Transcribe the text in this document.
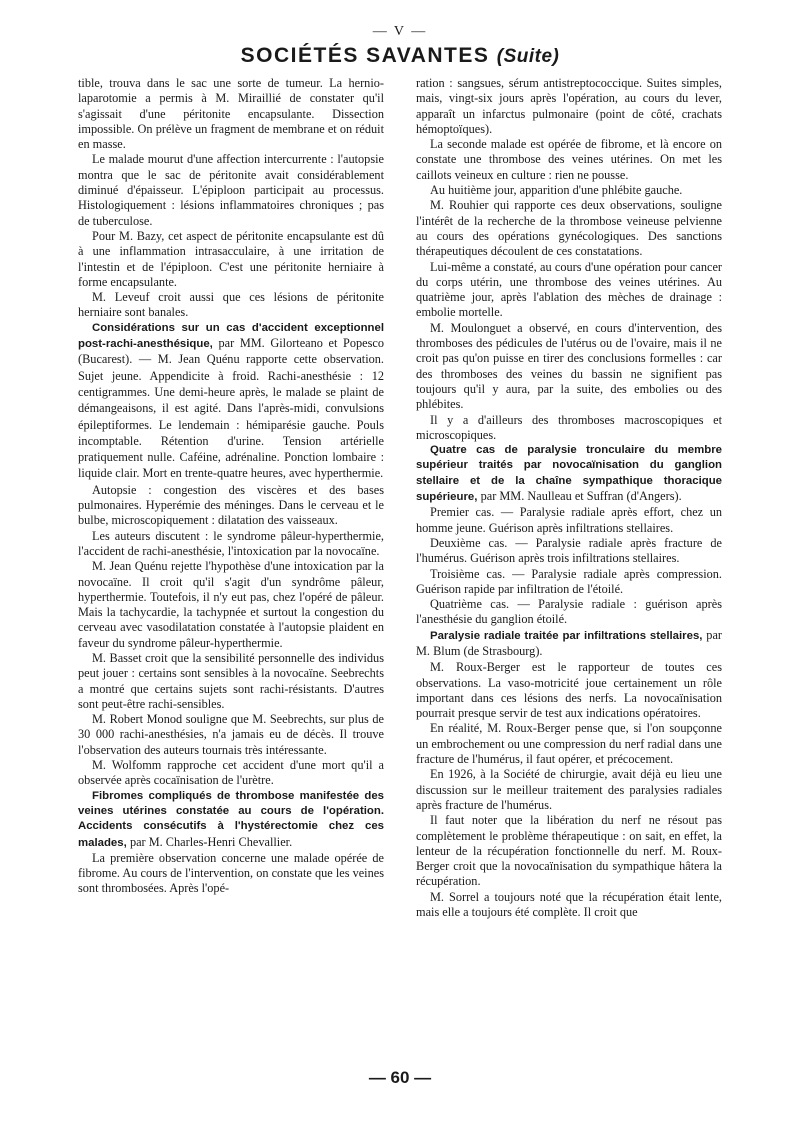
— V —
SOCIÉTÉS SAVANTES (Suite)

tible, trouva dans le sac une sorte de tumeur. La hernio-laparotomie a permis à M. Miraillié de constater qu'il s'agissait d'une péritonite encapsulante. Dissection impossible. On prélève un fragment de membrane et on réduit en masse.

Le malade mourut d'une affection intercurrente : l'autopsie montra que le sac de péritonite avait considérablement diminué d'épaisseur. L'épiploon participait au processus. Histologiquement : lésions inflammatoires chroniques ; pas de tuberculose.

Pour M. Bazy, cet aspect de péritonite encapsulante est dû à une inflammation intrasacculaire, à une irritation de l'intestin et de l'épiploon. C'est une péritonite herniaire à forme encapsulante.

M. Leveuf croit aussi que ces lésions de péritonite herniaire sont banales.

Considérations sur un cas d'accident exceptionnel post-rachi-anesthésique, par MM. Gilorteano et Popesco (Bucarest). — M. Jean Quénu rapporte cette observation. Sujet jeune. Appendicite à froid. Rachi-anesthésie : 12 centigrammes. Une demi-heure après, le malade se plaint de démangeaisons, il est agité. Dans l'après-midi, convulsions épileptiformes. Le lendemain : hémiparésie gauche. Pouls incomptable. Rétention d'urine. Tension artérielle pratiquement nulle. Caféine, adrénaline. Ponction lombaire : liquide clair. Mort en trente-quatre heures, avec hyperthermie.

Autopsie : congestion des viscères et des bases pulmonaires. Hyperémie des méninges. Dans le cerveau et le bulbe, microscopiquement : dilatation des vaisseaux.

Les auteurs discutent : le syndrome pâleur-hyperthermie, l'accident de rachi-anesthésie, l'intoxication par la novocaïne.

M. Jean Quénu rejette l'hypothèse d'une intoxication par la novocaïne. Il croit qu'il s'agit d'un syndrôme pâleur, hyperthermie. Toutefois, il n'y eut pas, chez l'opéré de pâleur. Mais la tachycardie, la tachypnée et surtout la congestion du cerveau avec vasodilatation constatée à l'autopsie plaident en faveur du syndrome pâleur-hyperthermie.

M. Basset croit que la sensibilité personnelle des individus peut jouer : certains sont sensibles à la novocaïne. Seebrechts a montré que certains sujets sont rachi-résistants. D'autres sont peut-être rachi-sensibles.

M. Robert Monod souligne que M. Seebrechts, sur plus de 30 000 rachi-anesthésies, n'a jamais eu de décès. Il trouve l'observation des auteurs tournais très intéressante.

M. Wolfomm rapproche cet accident d'une mort qu'il a observée après cocaïnisation de l'urètre.

Fibromes compliqués de thrombose manifestée des veines utérines constatée au cours de l'opération. Accidents consécutifs à l'hystérectomie chez ces malades, par M. Charles-Henri Chevallier.

La première observation concerne une malade opérée de fibrome. Au cours de l'intervention, on constate que les veines sont thrombosées. Après l'opé-

ration : sangsues, sérum antistreptococcique. Suites simples, mais, vingt-six jours après l'opération, au cours du lever, apparaît un infarctus pulmonaire (point de côté, crachats hémoptoïques).

La seconde malade est opérée de fibrome, et là encore on constate une thrombose des veines utérines. On met les caillots veineux en culture : rien ne pousse.

Au huitième jour, apparition d'une phlébite gauche.

M. Rouhier qui rapporte ces deux observations, souligne l'intérêt de la recherche de la thrombose veineuse pelvienne au cours des opérations gynécologiques. Des sanctions thérapeutiques découlent de ces constatations.

Lui-même a constaté, au cours d'une opération pour cancer du corps utérin, une thrombose des veines utérines. Au quatrième jour, après l'ablation des mèches de drainage : embolie mortelle.

M. Moulonguet a observé, en cours d'intervention, des thromboses des pédicules de l'utérus ou de l'ovaire, mais il ne croit pas qu'on puisse en tirer des conclusions formelles : car des thromboses des veines du bassin ne signifient pas toujours qu'il y aura, par la suite, des embolies ou des phlébites.

Il y a d'ailleurs des thromboses macroscopiques et microscopiques.

Quatre cas de paralysie tronculaire du membre supérieur traités par novocaïnisation du ganglion stellaire et de la chaîne sympathique thoracique supérieure, par MM. Naulleau et Suffran (d'Angers).

Premier cas. — Paralysie radiale après effort, chez un homme jeune. Guérison après infiltrations stellaires.

Deuxième cas. — Paralysie radiale après fracture de l'humérus. Guérison après trois infiltrations stellaires.

Troisième cas. — Paralysie radiale après compression. Guérison rapide par infiltration de l'étoilé.

Quatrième cas. — Paralysie radiale : guérison après l'anesthésie du ganglion étoilé.

Paralysie radiale traitée par infiltrations stellaires, par M. Blum (de Strasbourg).

M. Roux-Berger est le rapporteur de toutes ces observations. La vaso-motricité joue certainement un rôle important dans ces lésions des nerfs. La novocaïnisation pourrait presque servir de test aux indications opératoires.

En réalité, M. Roux-Berger pense que, si l'on soupçonne un embrochement ou une compression du nerf radial dans une fracture de l'humérus, il faut opérer, et précocement.

En 1926, à la Société de chirurgie, avait déjà eu lieu une discussion sur le meilleur traitement des paralysies radiales après fracture de l'humérus.

Il faut noter que la libération du nerf ne résout pas complètement le problème thérapeutique : on sait, en effet, la lenteur de la récupération fonctionnelle du nerf. M. Roux-Berger croit que la novocaïnisation du sympathique hâtera la récupération.

M. Sorrel a toujours noté que la récupération était lente, mais elle a toujours été complète. Il croit que

— 60 —
